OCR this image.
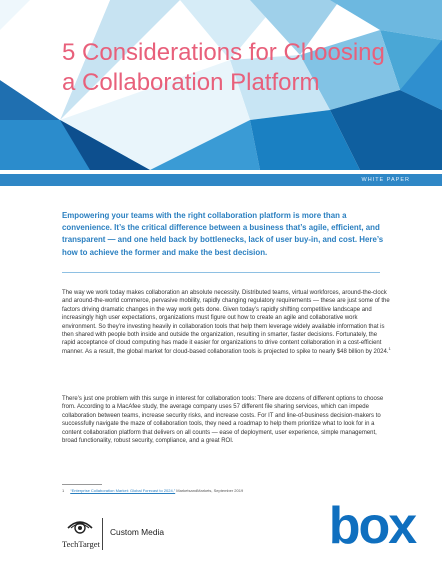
5 Considerations for Choosing
a Collaboration Platform
WHITE PAPER

Empowering your teams with the right collaboration platform is more than a convenience. It’s the critical difference between a business that’s agile, efficient, and transparent — and one held back by bottlenecks, lack of user buy-in, and cost. Here’s how to achieve the former and make the best decision.

The way we work today makes collaboration an absolute necessity. Distributed teams, virtual workforces, around-the-clock and around-the-world commerce, pervasive mobility, rapidly changing regulatory requirements — these are just some of the factors driving dramatic changes in the way work gets done. Given today’s rapidly shifting competitive landscape and increasingly high user expectations, organizations must figure out how to create an agile and collaborative work environment. So they’re investing heavily in collaboration tools that help them leverage widely available information that is then shared with people both inside and outside the organization, resulting in smarter, faster decisions. Fortunately, the rapid acceptance of cloud computing has made it easier for organizations to drive content collaboration in a cost-efficient manner. As a result, the global market for cloud-based collaboration tools is projected to spike to nearly $48 billion by 2024.$^1$

There’s just one problem with this surge in interest for collaboration tools: There are dozens of different options to choose from. According to a MacAfee study, the average company uses 57 different file sharing services, which can impede collaboration between teams, increase security risks, and increase costs. For IT and line-of-business decision-makers to successfully navigate the maze of collaboration tools, they need a roadmap to help them prioritize what to look for in a content collaboration platform that delivers on all counts — ease of deployment, user experience, simple management, broad functionality, robust security, compliance, and a great ROI.

1 “Enterprise Collaboration Market: Global Forecast to 2024,” MarketsandMarkets, September 2019

TechTarget
Custom Media	box
